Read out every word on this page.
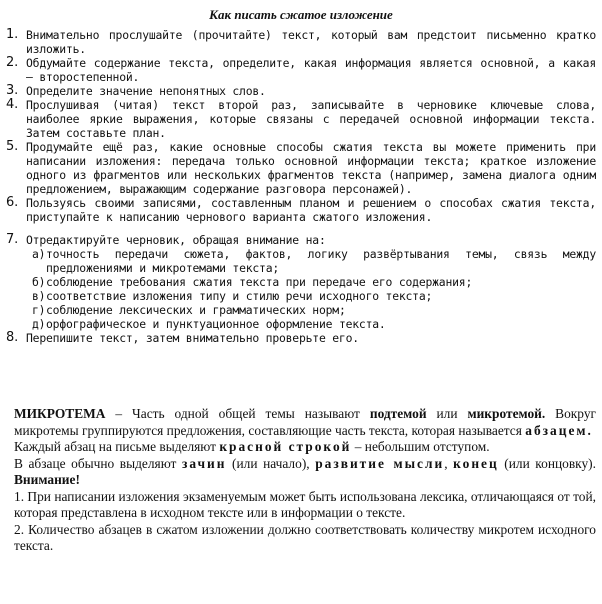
Как писать сжатое изложение
1. Внимательно прослушайте (прочитайте) текст, который вам предстоит письменно кратко изложить.
2. Обдумайте содержание текста, определите, какая информация является основной, а какая — второстепенной.
3. Определите значение непонятных слов.
4. Прослушивая (читая) текст второй раз, записывайте в черновике ключевые слова, наиболее яркие выражения, которые связаны с передачей основной информации текста. Затем составьте план.
5. Продумайте ещё раз, какие основные способы сжатия текста вы можете применить при написании изложения: передача только основной информации текста; краткое изложение одного из фрагментов или нескольких фрагментов текста (например, замена диалога одним предложением, выражающим содержание разговора персонажей).
6. Пользуясь своими записями, составленным планом и решением о способах сжатия текста, приступайте к написанию чернового варианта сжатого изложения.
7. Отредактируйте черновик, обращая внимание на:
а) точность передачи сюжета, фактов, логику развёртывания темы, связь между предложениями и микротемами текста;
б) соблюдение требования сжатия текста при передаче его содержания;
в) соответствие изложения типу и стилю речи исходного текста;
г) соблюдение лексических и грамматических норм;
д) орфографическое и пунктуационное оформление текста.
8. Перепишите текст, затем внимательно проверьте его.

МИКРОТЕМА – Часть одной общей темы называют подтемой или микротемой. Вокруг микротемы группируются предложения, составляющие часть текста, которая называется абзацем.

Каждый абзац на письме выделяют красной строкой – небольшим отступом.

В абзаце обычно выделяют зачин (или начало), развитие мысли, конец (или концовку). Внимание!

1. При написании изложения экзаменуемым может быть использована лексика, отличающаяся от той, которая представлена в исходном тексте или в информации о тексте.

2. Количество абзацев в сжатом изложении должно соответствовать количеству микротем исходного текста.
